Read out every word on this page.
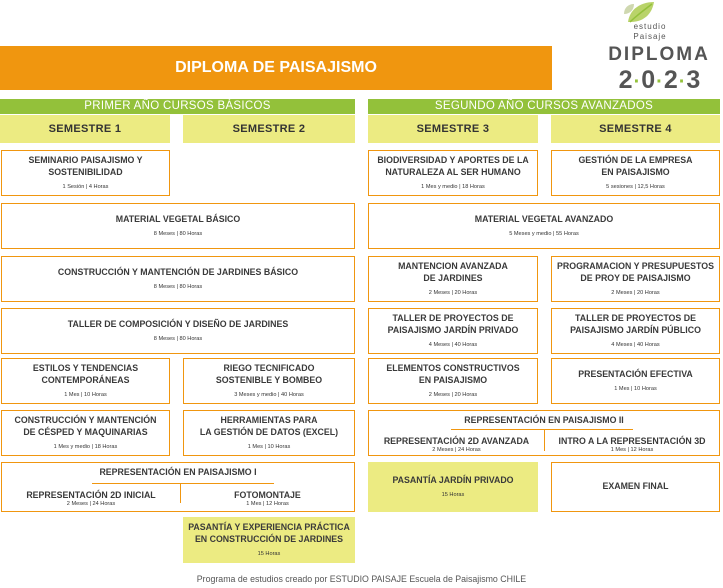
estudio
Paisaje
DIPLOMA
2·0·2·3
DIPLOMA DE PAISAJISMO
PRIMER AÑO CURSOS BÁSICOS	SEGUNDO AÑO CURSOS AVANZADOS
SEMESTRE 1	SEMESTRE 2	SEMESTRE 3	SEMESTRE 4
SEMINARIO PAISAJISMO Y
SOSTENIBILIDAD
1 Sesión | 4 Horas
BIODIVERSIDAD Y APORTES DE LA
NATURALEZA AL SER HUMANO
1 Mes y medio | 18 Horas
GESTIÓN DE LA EMPRESA
EN PAISAJISMO
5 sesiones | 12,5 Horas
MATERIAL VEGETAL BÁSICO
8 Meses | 80 Horas
MATERIAL VEGETAL AVANZADO
5 Meses y medio | 55 Horas
CONSTRUCCIÓN Y MANTENCIÓN DE JARDINES BÁSICO
8 Meses | 80 Horas
MANTENCION AVANZADA
DE JARDINES
2 Meses | 20 Horas
PROGRAMACION Y PRESUPUESTOS
DE PROY DE PAISAJISMO
2 Meses | 20 Horas
TALLER DE COMPOSICIÓN Y DISEÑO DE JARDINES
8 Meses | 80 Horas
TALLER DE PROYECTOS DE
PAISAJISMO JARDÍN PRIVADO
4 Meses | 40 Horas
TALLER DE PROYECTOS DE
PAISAJISMO JARDÍN PÚBLICO
4 Meses | 40 Horas
ESTILOS Y TENDENCIAS
CONTEMPORÁNEAS
1 Mes | 10 Horas
RIEGO TECNIFICADO
SOSTENIBLE Y BOMBEO
3 Meses y medio | 40 Horas
ELEMENTOS CONSTRUCTIVOS
EN PAISAJISMO
2 Meses | 20 Horas
PRESENTACIÓN EFECTIVA
1 Mes | 10 Horas
CONSTRUCCIÓN Y MANTENCIÓN
DE CÉSPED Y MAQUINARIAS
1 Mes y medio | 18 Horas
HERRAMIENTAS PARA
LA GESTIÓN DE DATOS (EXCEL)
1 Mes | 10 Horas
REPRESENTACIÓN EN PAISAJISMO II
REPRESENTACIÓN 2D AVANZADA
2 Meses | 24 Horas
INTRO A LA REPRESENTACIÓN 3D
1 Mes | 12 Horas
REPRESENTACIÓN EN PAISAJISMO I
REPRESENTACIÓN 2D INICIAL
2 Meses | 24 Horas
FOTOMONTAJE
1 Mes | 12 Horas
PASANTÍA JARDÍN PRIVADO
15 Horas
EXAMEN FINAL
PASANTÍA Y EXPERIENCIA PRÁCTICA
EN CONSTRUCCIÓN DE JARDINES
15 Horas
Programa de estudios creado por ESTUDIO PAISAJE Escuela de Paisajismo CHILE
